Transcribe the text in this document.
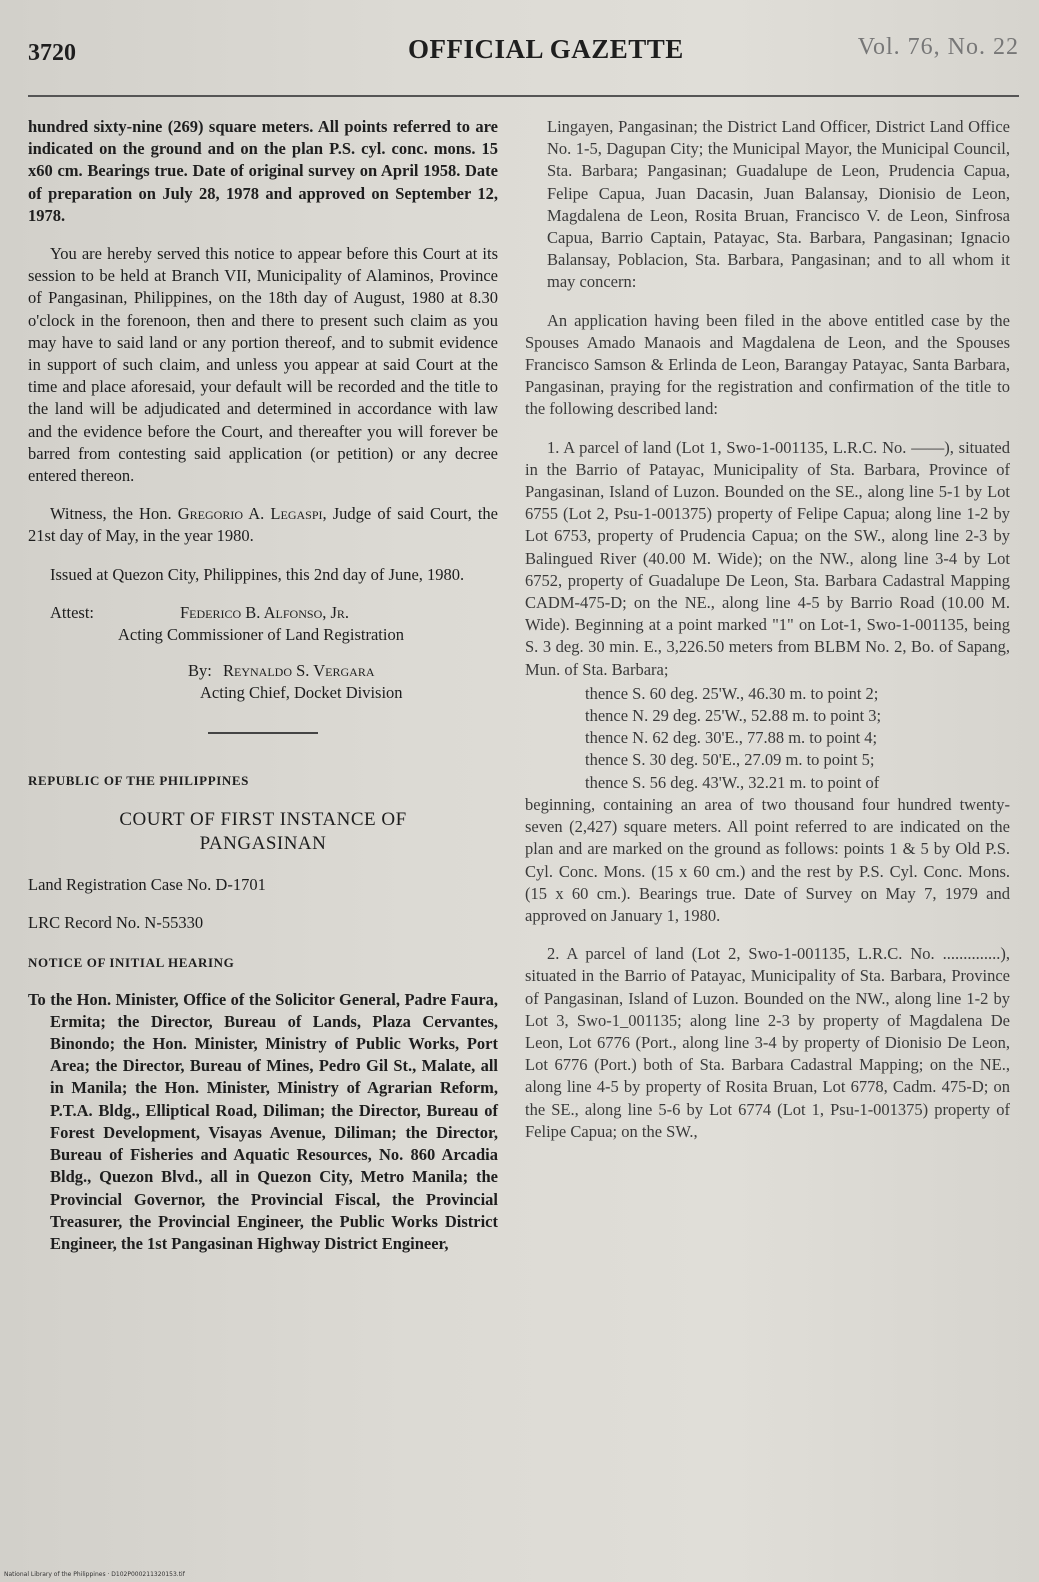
3720	OFFICIAL GAZETTE	Vol. 76, No. 22

hundred sixty-nine (269) square meters. All points referred to are indicated on the ground and on the plan P.S. cyl. conc. mons. 15 x60 cm. Bearings true. Date of original survey on April 1958. Date of preparation on July 28, 1978 and approved on September 12, 1978.

You are hereby served this notice to appear before this Court at its session to be held at Branch VII, Municipality of Alaminos, Province of Pangasinan, Philippines, on the 18th day of August, 1980 at 8.30 o'clock in the forenoon, then and there to present such claim as you may have to said land or any portion thereof, and to submit evidence in support of such claim, and unless you appear at said Court at the time and place aforesaid, your default will be recorded and the title to the land will be adjudicated and determined in accordance with law and the evidence before the Court, and thereafter you will forever be barred from contesting said application (or petition) or any decree entered thereon.

Witness, the Hon. Gregorio A. Legaspi, Judge of said Court, the 21st day of May, in the year 1980.

Issued at Quezon City, Philippines, this 2nd day of June, 1980.

Attest:	Federico B. Alfonso, Jr.
Acting Commissioner of Land Registration
By: Reynaldo S. Vergara
Acting Chief, Docket Division

REPUBLIC OF THE PHILIPPINES

COURT OF FIRST INSTANCE OF
PANGASINAN

Land Registration Case No. D-1701

LRC Record No. N-55330

NOTICE OF INITIAL HEARING

To the Hon. Minister, Office of the Solicitor General, Padre Faura, Ermita; the Director, Bureau of Lands, Plaza Cervantes, Binondo; the Hon. Minister, Ministry of Public Works, Port Area; the Director, Bureau of Mines, Pedro Gil St., Malate, all in Manila; the Hon. Minister, Ministry of Agrarian Reform, P.T.A. Bldg., Elliptical Road, Diliman; the Director, Bureau of Forest Development, Visayas Avenue, Diliman; the Director, Bureau of Fisheries and Aquatic Resources, No. 860 Arcadia Bldg., Quezon Blvd., all in Quezon City, Metro Manila; the Provincial Governor, the Provincial Fiscal, the Provincial Treasurer, the Provincial Engineer, the Public Works District Engineer, the 1st Pangasinan Highway District Engineer,

Lingayen, Pangasinan; the District Land Officer, District Land Office No. 1-5, Dagupan City; the Municipal Mayor, the Municipal Council, Sta. Barbara; Pangasinan; Guadalupe de Leon, Prudencia Capua, Felipe Capua, Juan Dacasin, Juan Balansay, Dionisio de Leon, Magdalena de Leon, Rosita Bruan, Francisco V. de Leon, Sinfrosa Capua, Barrio Captain, Patayac, Sta. Barbara, Pangasinan; Ignacio Balansay, Poblacion, Sta. Barbara, Pangasinan; and to all whom it may concern:

An application having been filed in the above entitled case by the Spouses Amado Manaois and Magdalena de Leon, and the Spouses Francisco Samson & Erlinda de Leon, Barangay Patayac, Santa Barbara, Pangasinan, praying for the registration and confirmation of the title to the following described land:

1. A parcel of land (Lot 1, Swo-1-001135, L.R.C. No. ——), situated in the Barrio of Patayac, Municipality of Sta. Barbara, Province of Pangasinan, Island of Luzon. Bounded on the SE., along line 5-1 by Lot 6755 (Lot 2, Psu-1-001375) property of Felipe Capua; along line 1-2 by Lot 6753, property of Prudencia Capua; on the SW., along line 2-3 by Balingued River (40.00 M. Wide); on the NW., along line 3-4 by Lot 6752, property of Guadalupe De Leon, Sta. Barbara Cadastral Mapping CADM-475-D; on the NE., along line 4-5 by Barrio Road (10.00 M. Wide). Beginning at a point marked "1" on Lot-1, Swo-1-001135, being S. 3 deg. 30 min. E., 3,226.50 meters from BLBM No. 2, Bo. of Sapang, Mun. of Sta. Barbara;

thence S. 60 deg. 25'W., 46.30 m. to point 2;

thence N. 29 deg. 25'W., 52.88 m. to point 3;

thence N. 62 deg. 30'E., 77.88 m. to point 4;

thence S. 30 deg. 50'E., 27.09 m. to point 5;

thence S. 56 deg. 43'W., 32.21 m. to point of

beginning, containing an area of two thousand four hundred twenty-seven (2,427) square meters. All point referred to are indicated on the plan and are marked on the ground as follows: points 1 & 5 by Old P.S. Cyl. Conc. Mons. (15 x 60 cm.) and the rest by P.S. Cyl. Conc. Mons. (15 x 60 cm.). Bearings true. Date of Survey on May 7, 1979 and approved on January 1, 1980.

2. A parcel of land (Lot 2, Swo-1-001135, L.R.C. No. ..............), situated in the Barrio of Patayac, Municipality of Sta. Barbara, Province of Pangasinan, Island of Luzon. Bounded on the NW., along line 1-2 by Lot 3, Swo-1_001135; along line 2-3 by property of Magdalena De Leon, Lot 6776 (Port., along line 3-4 by property of Dionisio De Leon, Lot 6776 (Port.) both of Sta. Barbara Cadastral Mapping; on the NE., along line 4-5 by property of Rosita Bruan, Lot 6778, Cadm. 475-D; on the SE., along line 5-6 by Lot 6774 (Lot 1, Psu-1-001375) property of Felipe Capua; on the SW.,

National Library of the Philippines · D102P000211320153.tif
